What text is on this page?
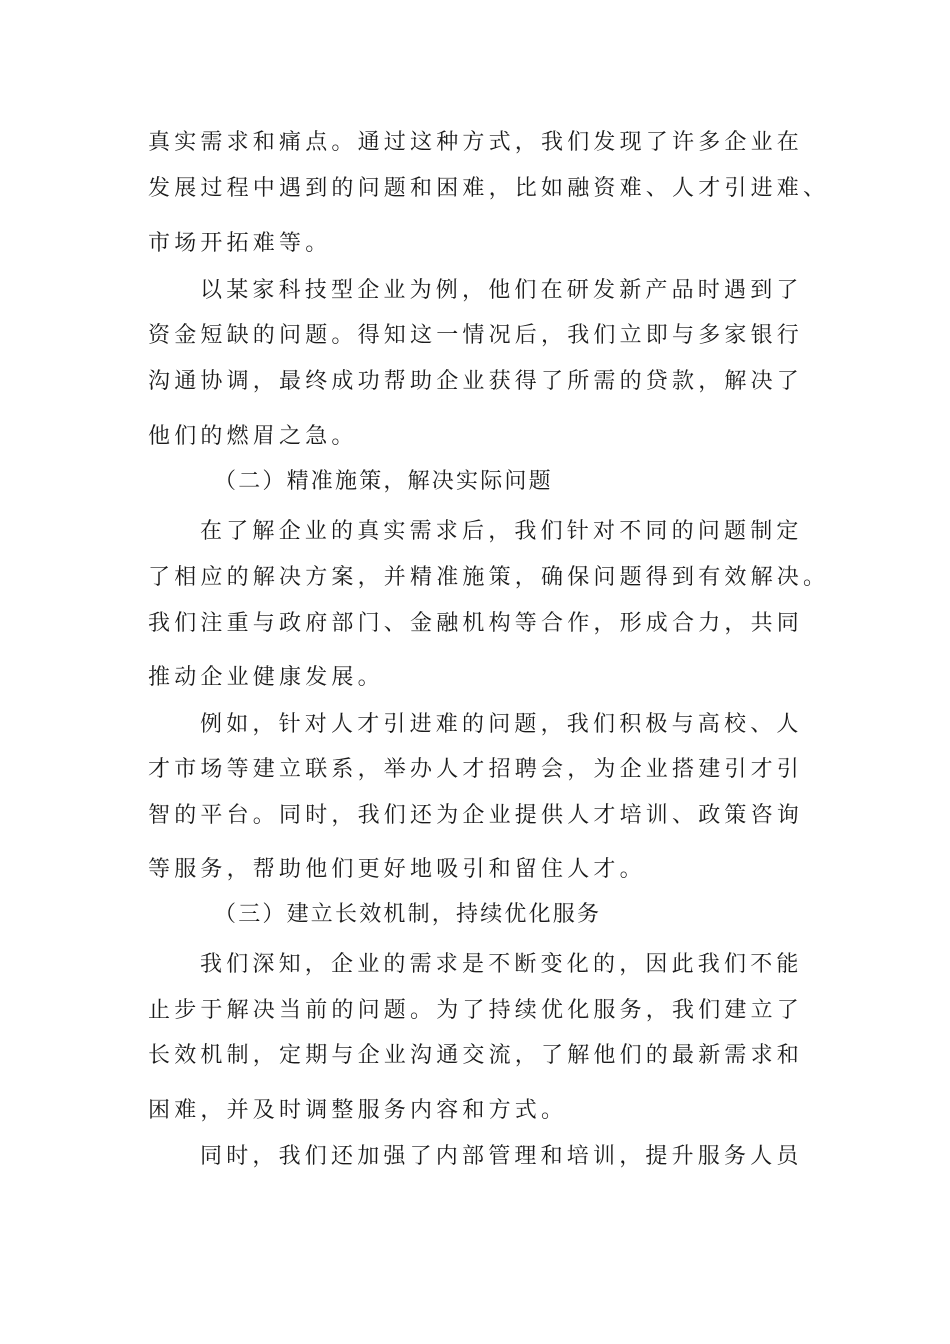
真实需求和痛点。通过这种方式，我们发现了许多企业在
发展过程中遇到的问题和困难，比如融资难、人才引进难、
市场开拓难等。
以某家科技型企业为例，他们在研发新产品时遇到了
资金短缺的问题。得知这一情况后，我们立即与多家银行
沟通协调，最终成功帮助企业获得了所需的贷款，解决了
他们的燃眉之急。
（二）精准施策，解决实际问题
在了解企业的真实需求后，我们针对不同的问题制定
了相应的解决方案，并精准施策，确保问题得到有效解决。
我们注重与政府部门、金融机构等合作，形成合力，共同
推动企业健康发展。
例如，针对人才引进难的问题，我们积极与高校、人
才市场等建立联系，举办人才招聘会，为企业搭建引才引
智的平台。同时，我们还为企业提供人才培训、政策咨询
等服务，帮助他们更好地吸引和留住人才。
（三）建立长效机制，持续优化服务
我们深知，企业的需求是不断变化的，因此我们不能
止步于解决当前的问题。为了持续优化服务，我们建立了
长效机制，定期与企业沟通交流，了解他们的最新需求和
困难，并及时调整服务内容和方式。
同时，我们还加强了内部管理和培训，提升服务人员
